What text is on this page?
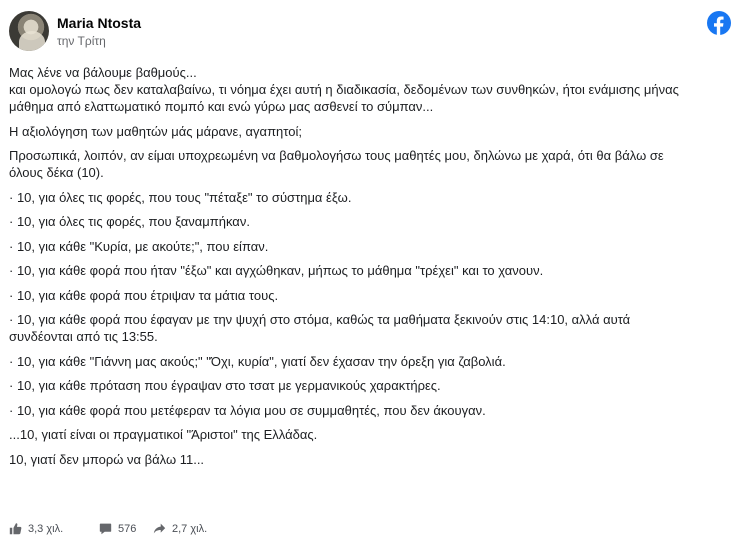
Maria Ntosta
την Τρίτη

Μας λένε να βάλουμε βαθμούς...
και ομολογώ πως δεν καταλαβαίνω, τι νόημα έχει αυτή η διαδικασία, δεδομένων των συνθηκών, ήτοι ενάμισης μήνας
μάθημα από ελαττωματικό πομπό και ενώ γύρω μας ασθενεί το σύμπαν...

Η αξιολόγηση των μαθητών μάς μάρανε, αγαπητοί;

Προσωπικά, λοιπόν, αν είμαι υποχρεωμένη να βαθμολογήσω τους μαθητές μου, δηλώνω με χαρά, ότι θα βάλω σε
όλους δέκα (10).

· 10, για όλες τις φορές, που τους "πέταξε" το σύστημα έξω.

· 10, για όλες τις φορές, που ξαναμπήκαν.

· 10, για κάθε "Κυρία, με ακούτε;", που είπαν.

· 10, για κάθε φορά που ήταν "έξω" και αγχώθηκαν, μήπως το μάθημα "τρέχει" και το χανουν.

· 10, για κάθε φορά που έτριψαν τα μάτια τους.

· 10, για κάθε φορά που έφαγαν με την ψυχή στο στόμα, καθώς τα μαθήματα ξεκινούν στις 14:10, αλλά αυτά
συνδέονται από τις 13:55.

· 10, για κάθε "Γιάννη μας ακούς;" "Όχι, κυρία", γιατί δεν έχασαν την όρεξη για ζαβολιά.

· 10, για κάθε πρόταση που έγραψαν στο τσατ με γερμανικούς χαρακτήρες.

· 10, για κάθε φορά που μετέφεραν τα λόγια μου σε συμμαθητές, που δεν άκουγαν.

...10, γιατί είναι οι πραγματικοί "Άριστοι" της Ελλάδας.

10, γιατί δεν μπορώ να βάλω 11...

3,3 χιλ.	576	2,7 χιλ.
